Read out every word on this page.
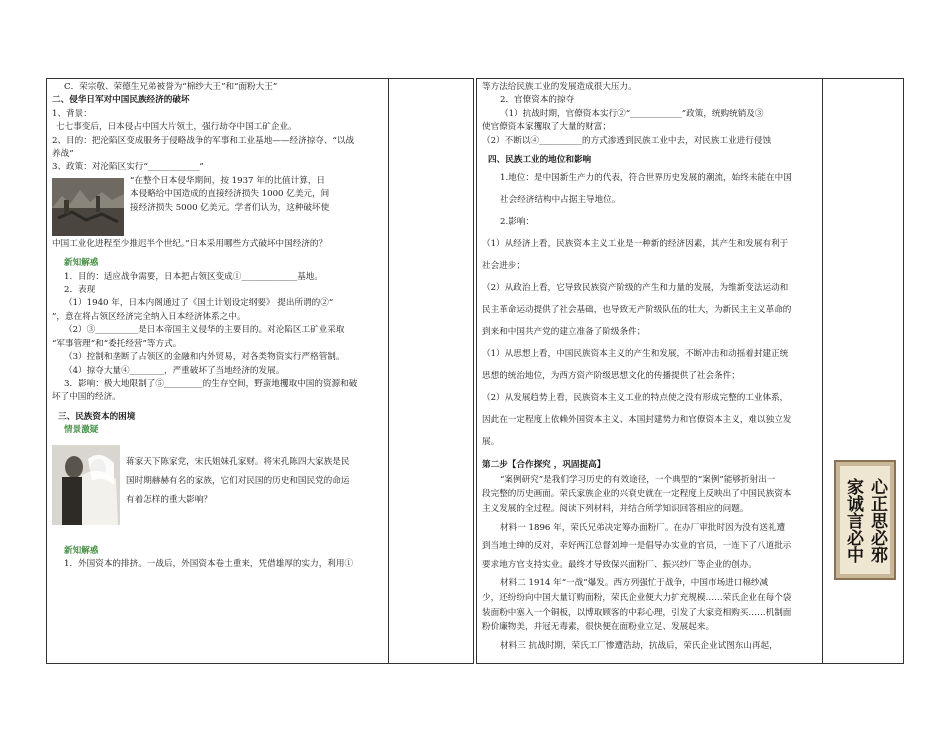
C．荣宗敬、荣德生兄弟被誉为“棉纱大王”和“面粉大王”

二、侵华日军对中国民族经济的破坏

1、背景：

七七事变后，日本侵占中国大片领土，强行劫夺中国工矿企业。

2、目的：把沦陷区变成服务于侵略战争的军事和工业基地——经济掠夺、“以战

养战”

3、政策：对沦陷区实行“____________”

“在整个日本侵华期间，按 1937 年的比值计算，日

本侵略给中国造成的直接经济损失 1000 亿美元，间

接经济损失 5000 亿美元。学者们认为，这种破坏使

中国工业化进程至少推迟半个世纪。”日本采用哪些方式破坏中国经济的？

新知解惑

1．目的：适应战争需要，日本把占领区变成①_____________基地。

2．表现

（1）1940 年，日本内阁通过了《国土计划设定纲要》 提出所谓的②“

”，意在将占领区经济完全纳入日本经济体系之中。

（2）③__________是日本帝国主义侵华的主要目的。对沦陷区工矿业采取

“军事管理”和“委托经营”等方式。

（3）控制和垄断了占领区的金融和内外贸易，对各类物资实行严格管制。

（4）掠夺大量④________，严重破坏了当地经济的发展。

3．影响：极大地限制了⑤_________的生存空间，野蛮地攫取中国的资源和破

坏了中国的经济。

三、民族资本的困境

情景激疑

蒋家天下陈家党，宋氏姐妹孔家财。将宋孔陈四大家族是民

国时期赫赫有名的家族，它们对民国的历史和国民党的命运

有着怎样的重大影响？

新知解惑

1．外国资本的排挤。一战后，外国资本卷土重来，凭借雄厚的实力，利用①

等方法给民族工业的发展造成很大压力。

2．官僚资本的掠夺

（1）抗战时期，官僚资本实行②“____________”政策，统购统销及③

使官僚资本家攫取了大量的财富；

（2）不断以④__________的方式渗透到民族工业中去，对民族工业进行侵蚀

四、民族工业的地位和影响

1.地位：是中国新生产力的代表，符合世界历史发展的潮流，始终未能在中国

社会经济结构中占据主导地位。

2.影响：

（1）从经济上看，民族资本主义工业是一种新的经济因素，其产生和发展有利于

社会进步；

（2）从政治上看，它导致民族资产阶级的产生和力量的发展，为维新变法运动和

民主革命运动提供了社会基础，也导致无产阶级队伍的壮大，为新民主主义革命的

到来和中国共产党的建立准备了阶级条件；

（1）从思想上看，中国民族资本主义的产生和发展，不断冲击和动摇着封建正统

思想的统治地位，为西方资产阶级思想文化的传播提供了社会条件；

（2）从发展趋势上看，民族资本主义工业的特点使之没有形成完整的工业体系，

因此在一定程度上依赖外国资本主义、本国封建势力和官僚资本主义，难以独立发

展。

第二步【合作探究 ，巩固提高】

“案例研究”是我们学习历史的有效途径，一个典型的“案例”能够折射出一

段完整的历史画面。荣氏家族企业的兴衰史就在一定程度上反映出了中国民族资本

主义发展的全过程。阅读下列材料，并结合所学知识回答相应的问题。

材料一 1896 年，荣氏兄弟决定筹办面粉厂。在办厂审批时因为没有送礼遭

到当地士绅的反对，幸好两江总督刘坤一是倡导办实业的官员，一连下了八道批示

要求地方官支持实业。最终才导致保兴面粉厂、振兴纱厂等企业的创办。

材料二 1914 年“一战”爆发。西方列强忙于战争，中国市场进口棉纱减

少，还纷纷向中国大量订购面粉，荣氏企业便大力扩充规模……荣氏企业在每个袋

装面粉中塞入一个铜板，以博取顾客的中彩心理，引发了大家竞相购买……机制面

粉价廉物美，并冠无毒素，很快便在面粉业立足、发展起来。

材料三 抗战时期，荣氏工厂惨遭浩劫，抗战后，荣氏企业试图东山再起，

心正思必邪
家诚言必中
